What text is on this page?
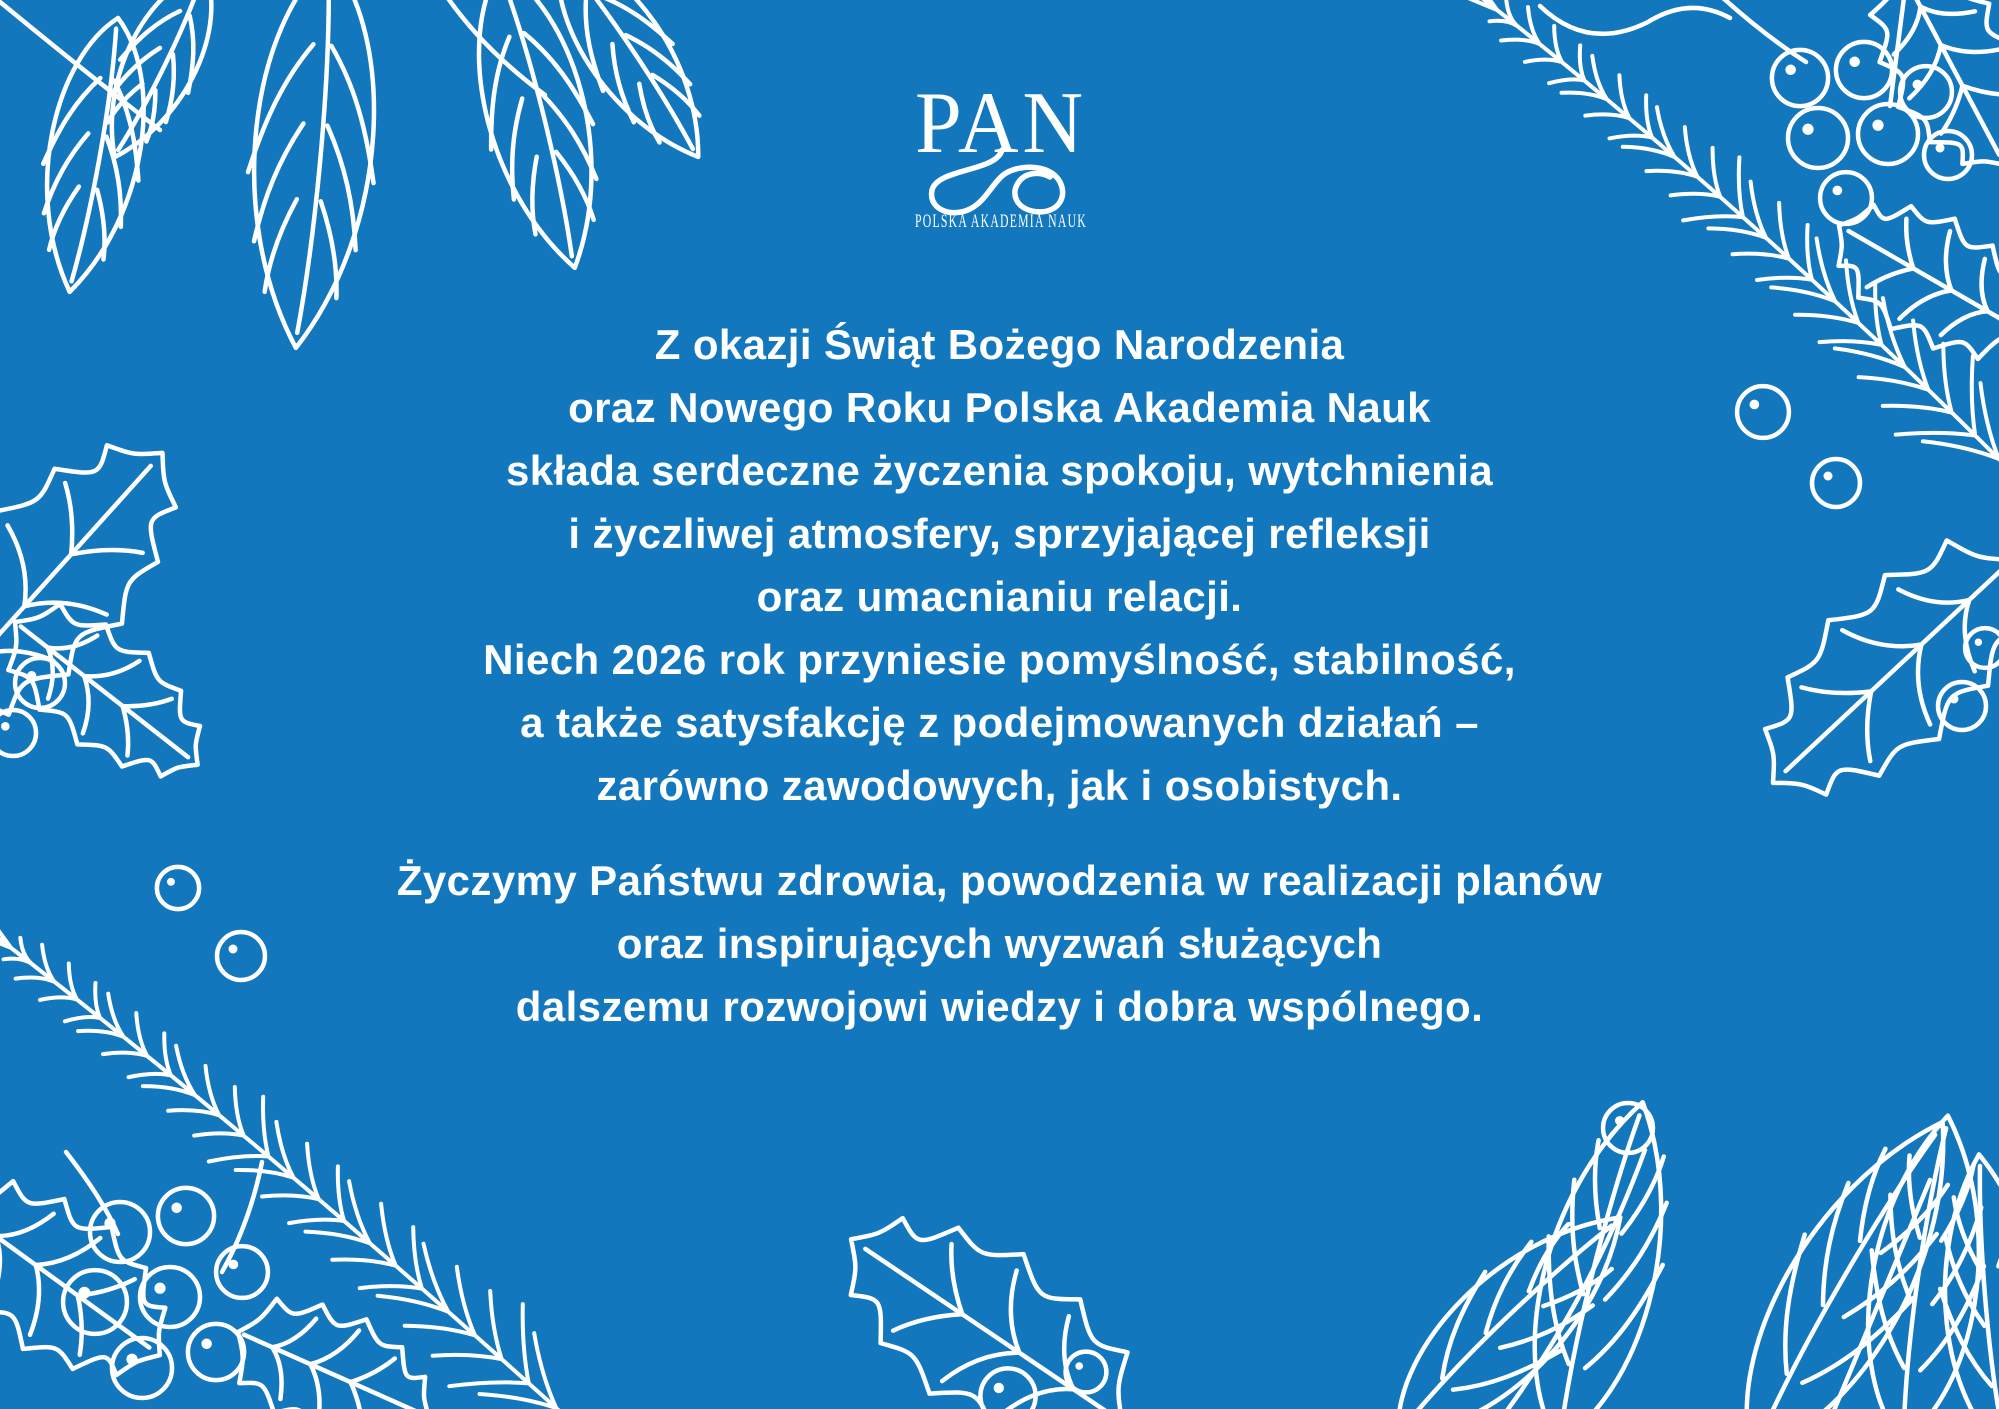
PAN
POLSKA AKADEMIA NAUK
Z okazji Świąt Bożego Narodzenia
oraz Nowego Roku Polska Akademia Nauk
składa serdeczne życzenia spokoju, wytchnienia
i życzliwej atmosfery, sprzyjającej refleksji
oraz umacnianiu relacji.
Niech 2026 rok przyniesie pomyślność, stabilność,
a także satysfakcję z podejmowanych działań –
zarówno zawodowych, jak i osobistych.
Życzymy Państwu zdrowia, powodzenia w realizacji planów
oraz inspirujących wyzwań służących
dalszemu rozwojowi wiedzy i dobra wspólnego.
